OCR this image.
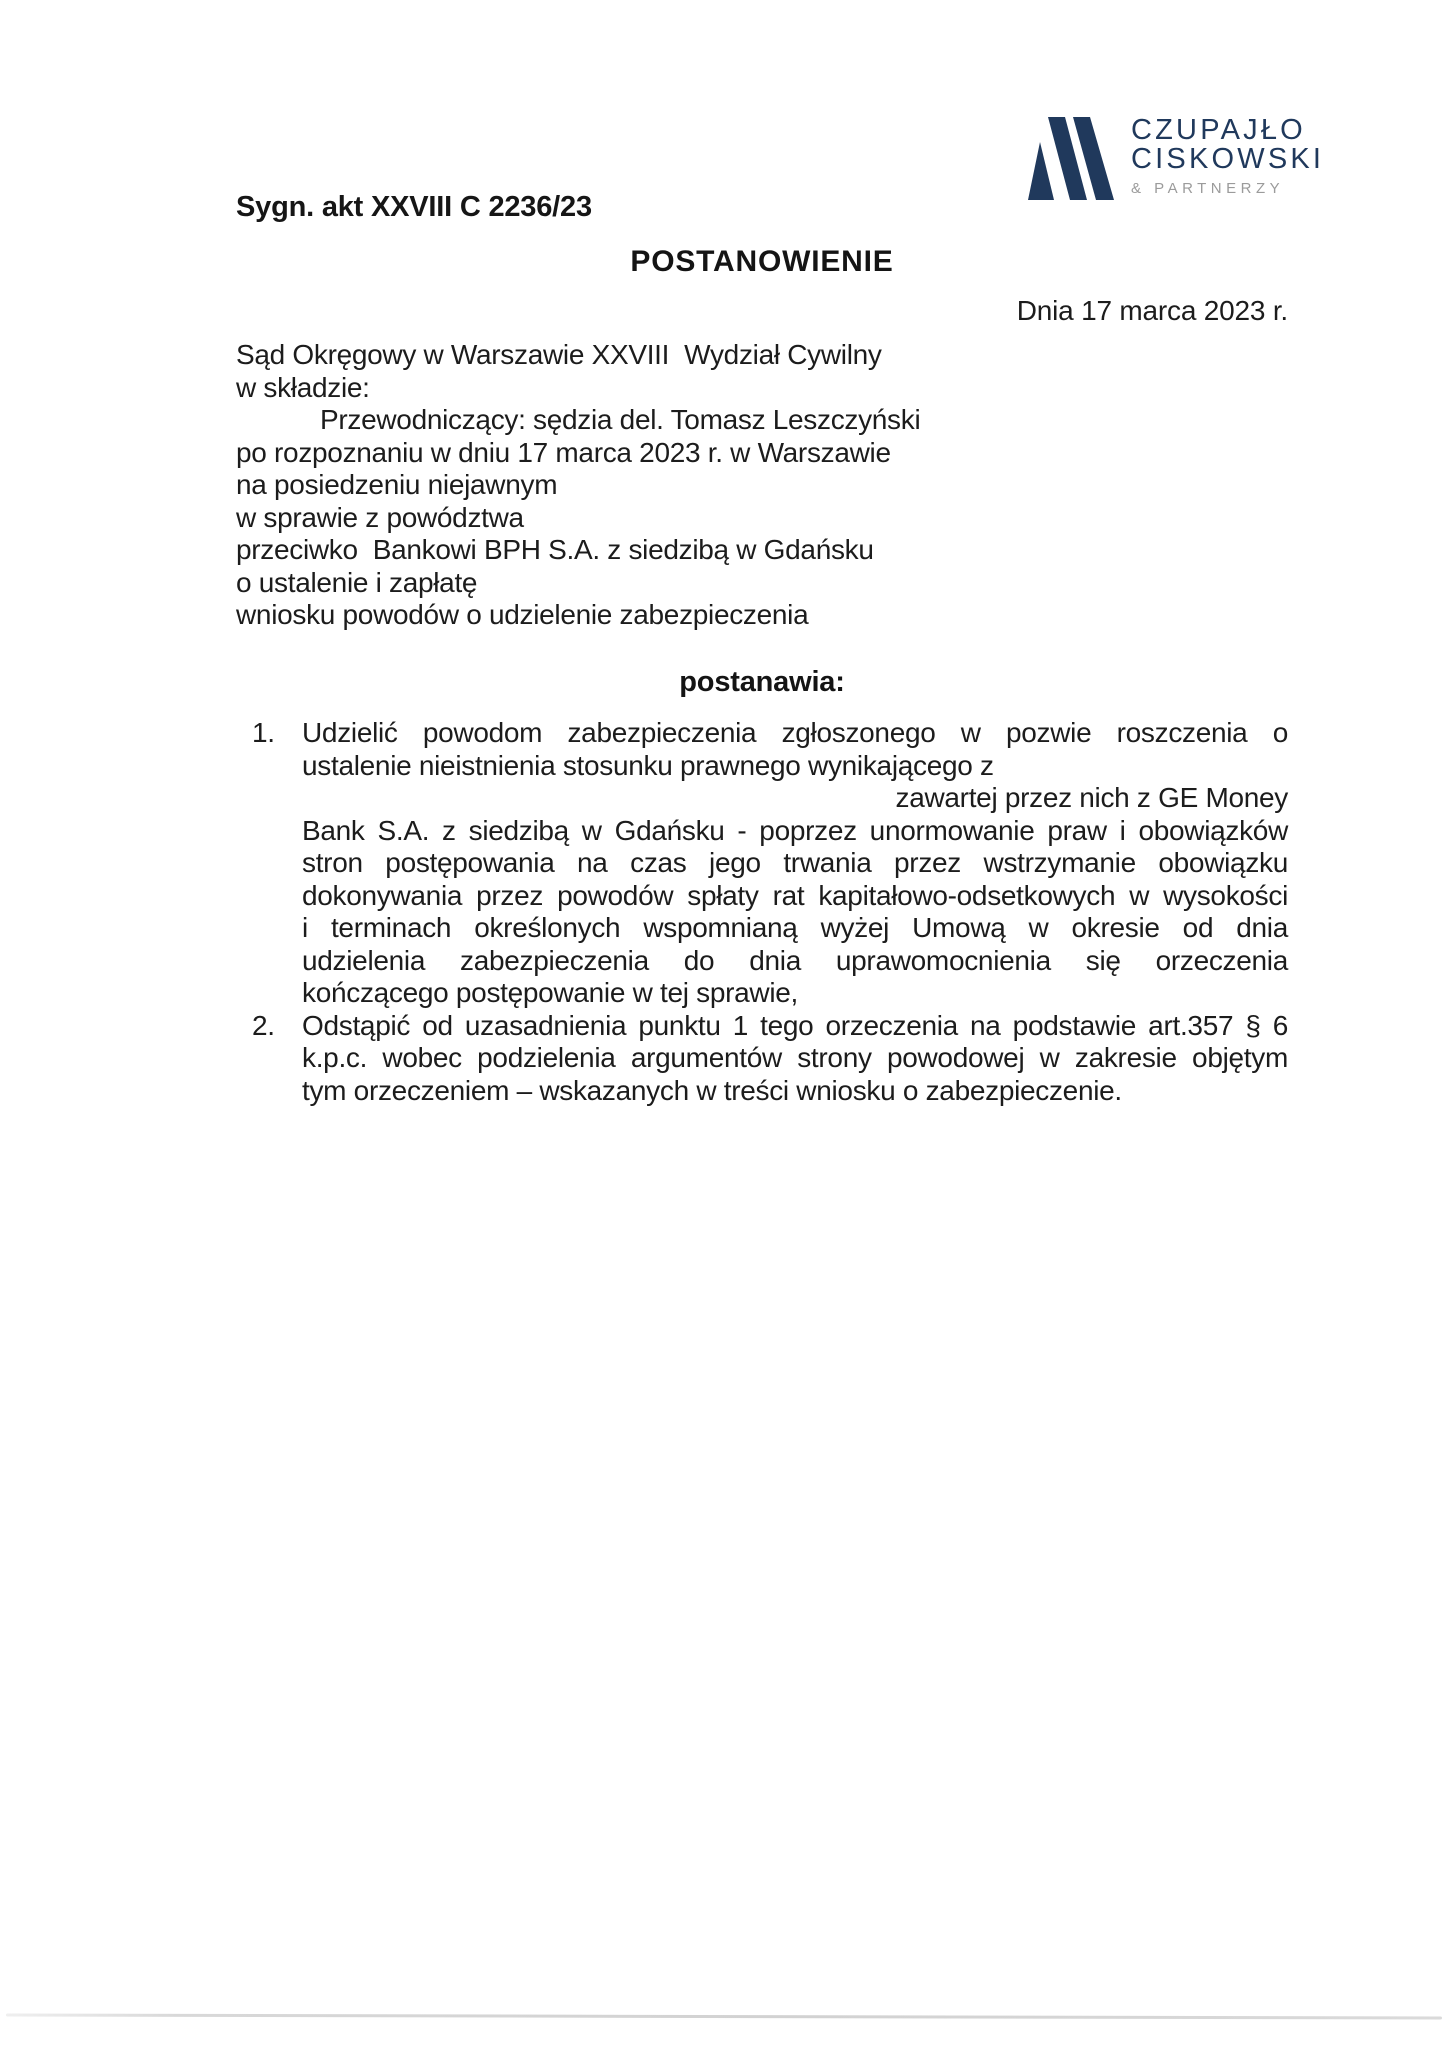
Sygn. akt XXVIII C 2236/23
CZUPAJŁO
CISKOWSKI
& PARTNERZY
POSTANOWIENIE
Dnia 17 marca 2023 r.
Sąd Okręgowy w Warszawie XXVIII  Wydział Cywilny
w składzie:
Przewodniczący: sędzia del. Tomasz Leszczyński
po rozpoznaniu w dniu 17 marca 2023 r. w Warszawie
na posiedzeniu niejawnym
w sprawie z powództwa
przeciwko  Bankowi BPH S.A. z siedzibą w Gdańsku
o ustalenie i zapłatę
wniosku powodów o udzielenie zabezpieczenia
postanawia:
1. Udzielić powodom zabezpieczenia zgłoszonego w pozwie roszczenia o
ustalenie nieistnienia stosunku prawnego wynikającego z
zawartej przez nich z GE Money
Bank S.A. z siedzibą w Gdańsku - poprzez unormowanie praw i obowiązków
stron postępowania na czas jego trwania przez wstrzymanie obowiązku
dokonywania przez powodów spłaty rat kapitałowo-odsetkowych w wysokości
i terminach określonych wspomnianą wyżej Umową w okresie od dnia
udzielenia zabezpieczenia do dnia uprawomocnienia się orzeczenia
kończącego postępowanie w tej sprawie,
2. Odstąpić od uzasadnienia punktu 1 tego orzeczenia na podstawie art.357 § 6
k.p.c. wobec podzielenia argumentów strony powodowej w zakresie objętym
tym orzeczeniem – wskazanych w treści wniosku o zabezpieczenie.
